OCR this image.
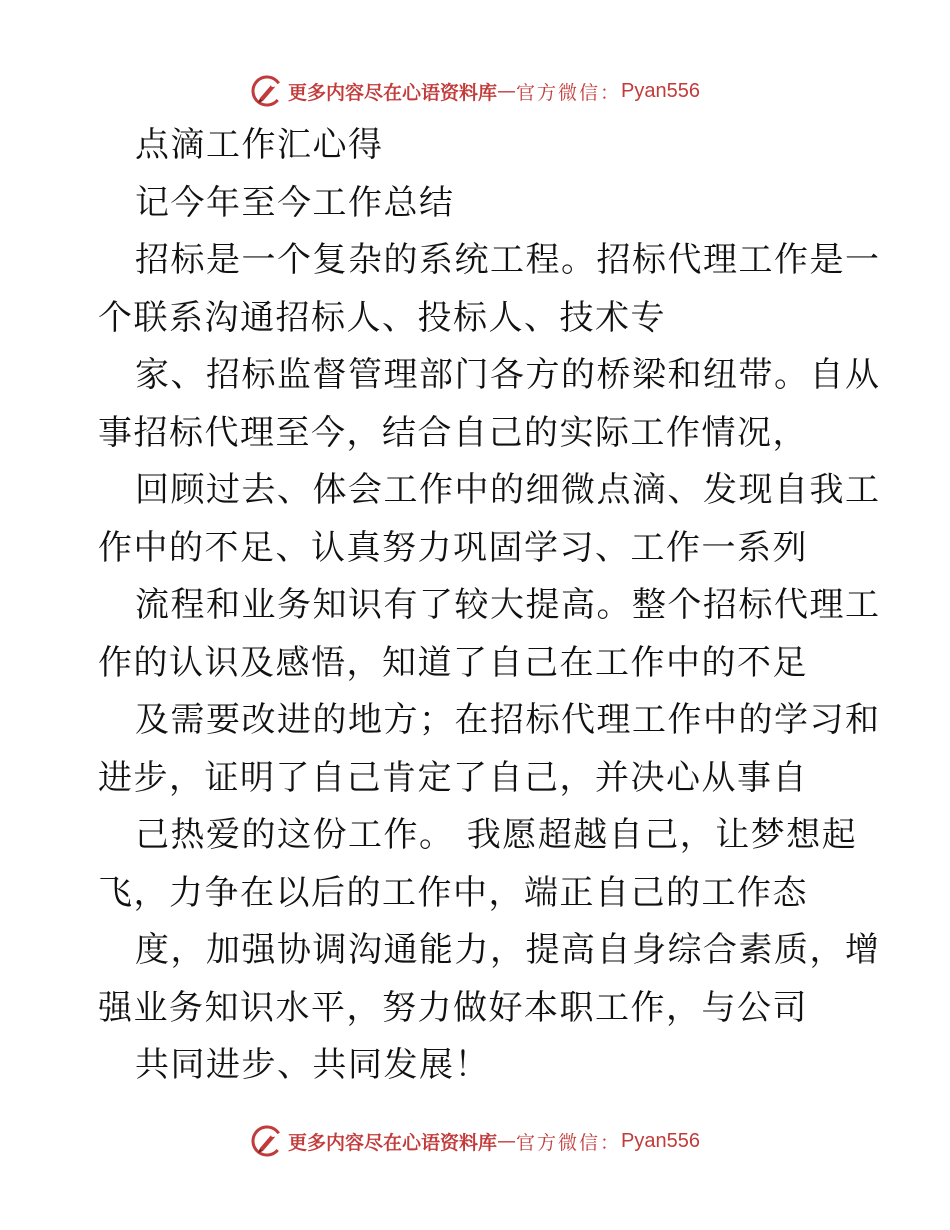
更多内容尽在心语资料库 — 官方微信： Pyan556
点滴工作汇心得
记今年至今工作总结
招标是一个复杂的系统工程。招标代理工作是一
个联系沟通招标人、投标人、技术专
家、招标监督管理部门各方的桥梁和纽带。自从
事招标代理至今，结合自己的实际工作情况，
回顾过去、体会工作中的细微点滴、发现自我工
作中的不足、认真努力巩固学习、工作一系列
流程和业务知识有了较大提高。整个招标代理工
作的认识及感悟，知道了自己在工作中的不足
及需要改进的地方；在招标代理工作中的学习和
进步，证明了自己肯定了自己，并决心从事自
己热爱的这份工作。 我愿超越自己，让梦想起
飞，力争在以后的工作中，端正自己的工作态
度，加强协调沟通能力，提高自身综合素质，增
强业务知识水平，努力做好本职工作，与公司
共同进步、共同发展！
更多内容尽在心语资料库 — 官方微信： Pyan556
